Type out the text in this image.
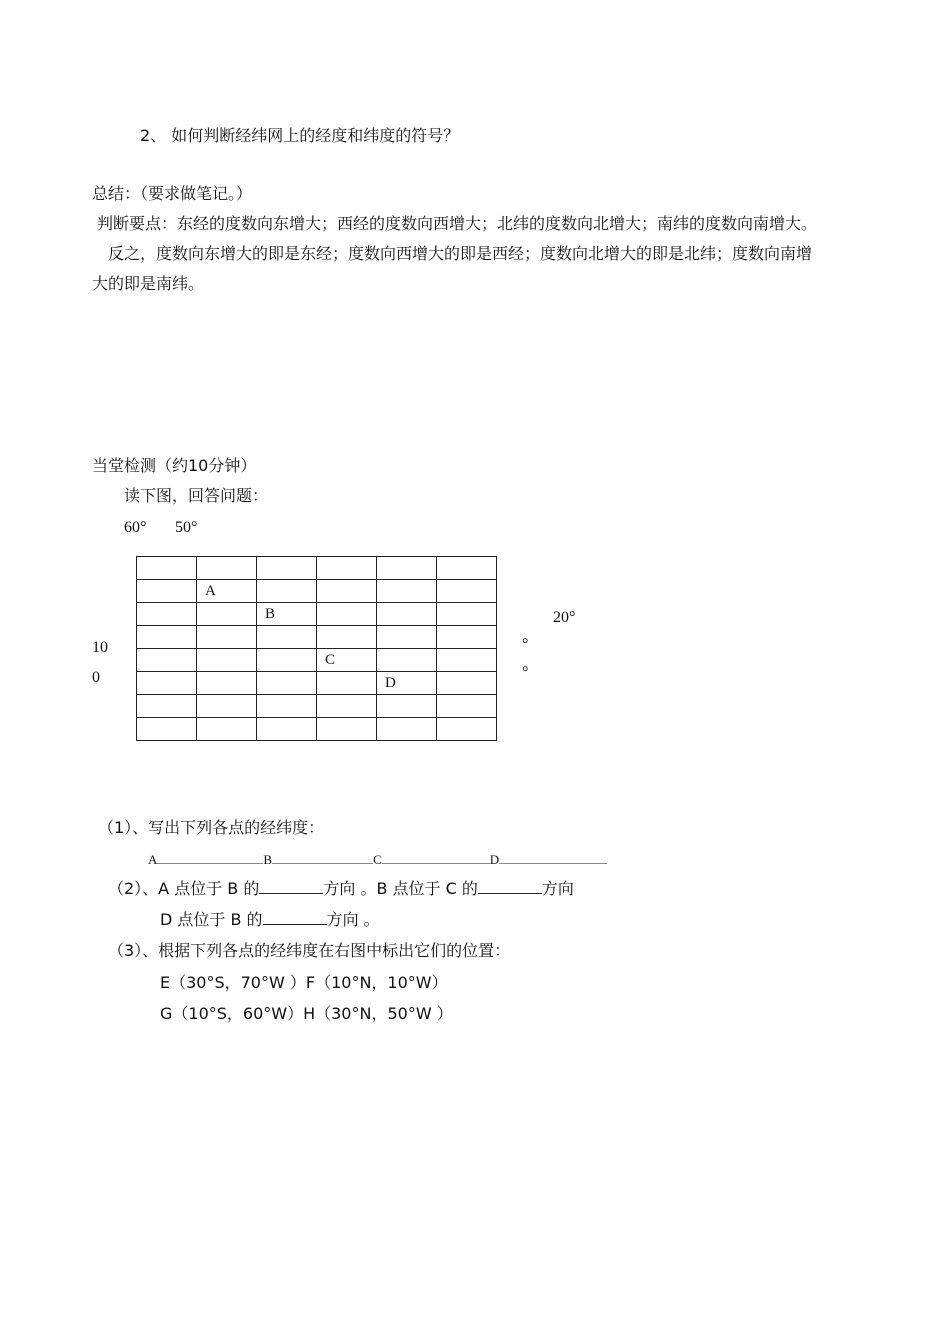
2、 如何判断经纬网上的经度和纬度的符号？
总结：（要求做笔记。）
判断要点：东经的度数向东增大；西经的度数向西增大；北纬的度数向北增大；南纬的度数向南增大。
反之，度数向东增大的即是东经；度数向西增大的即是西经；度数向北增大的即是北纬；度数向南增
大的即是南纬。
当堂检测（约10分钟）
读下图，回答问题：
60° 50°

	A				
		B			

			C		
				D	

20°
°
°
10
0
（1）、写出下列各点的经纬度：
A	B	C	D
（2）、A 点位于 B 的	方向 。B 点位于 C 的	方向
D 点位于 B 的	方向 。
（3）、根据下列各点的经纬度在右图中标出它们的位置：
E（30°S，70°W ）F（10°N，10°W）
G（10°S，60°W）H（30°N，50°W ）
